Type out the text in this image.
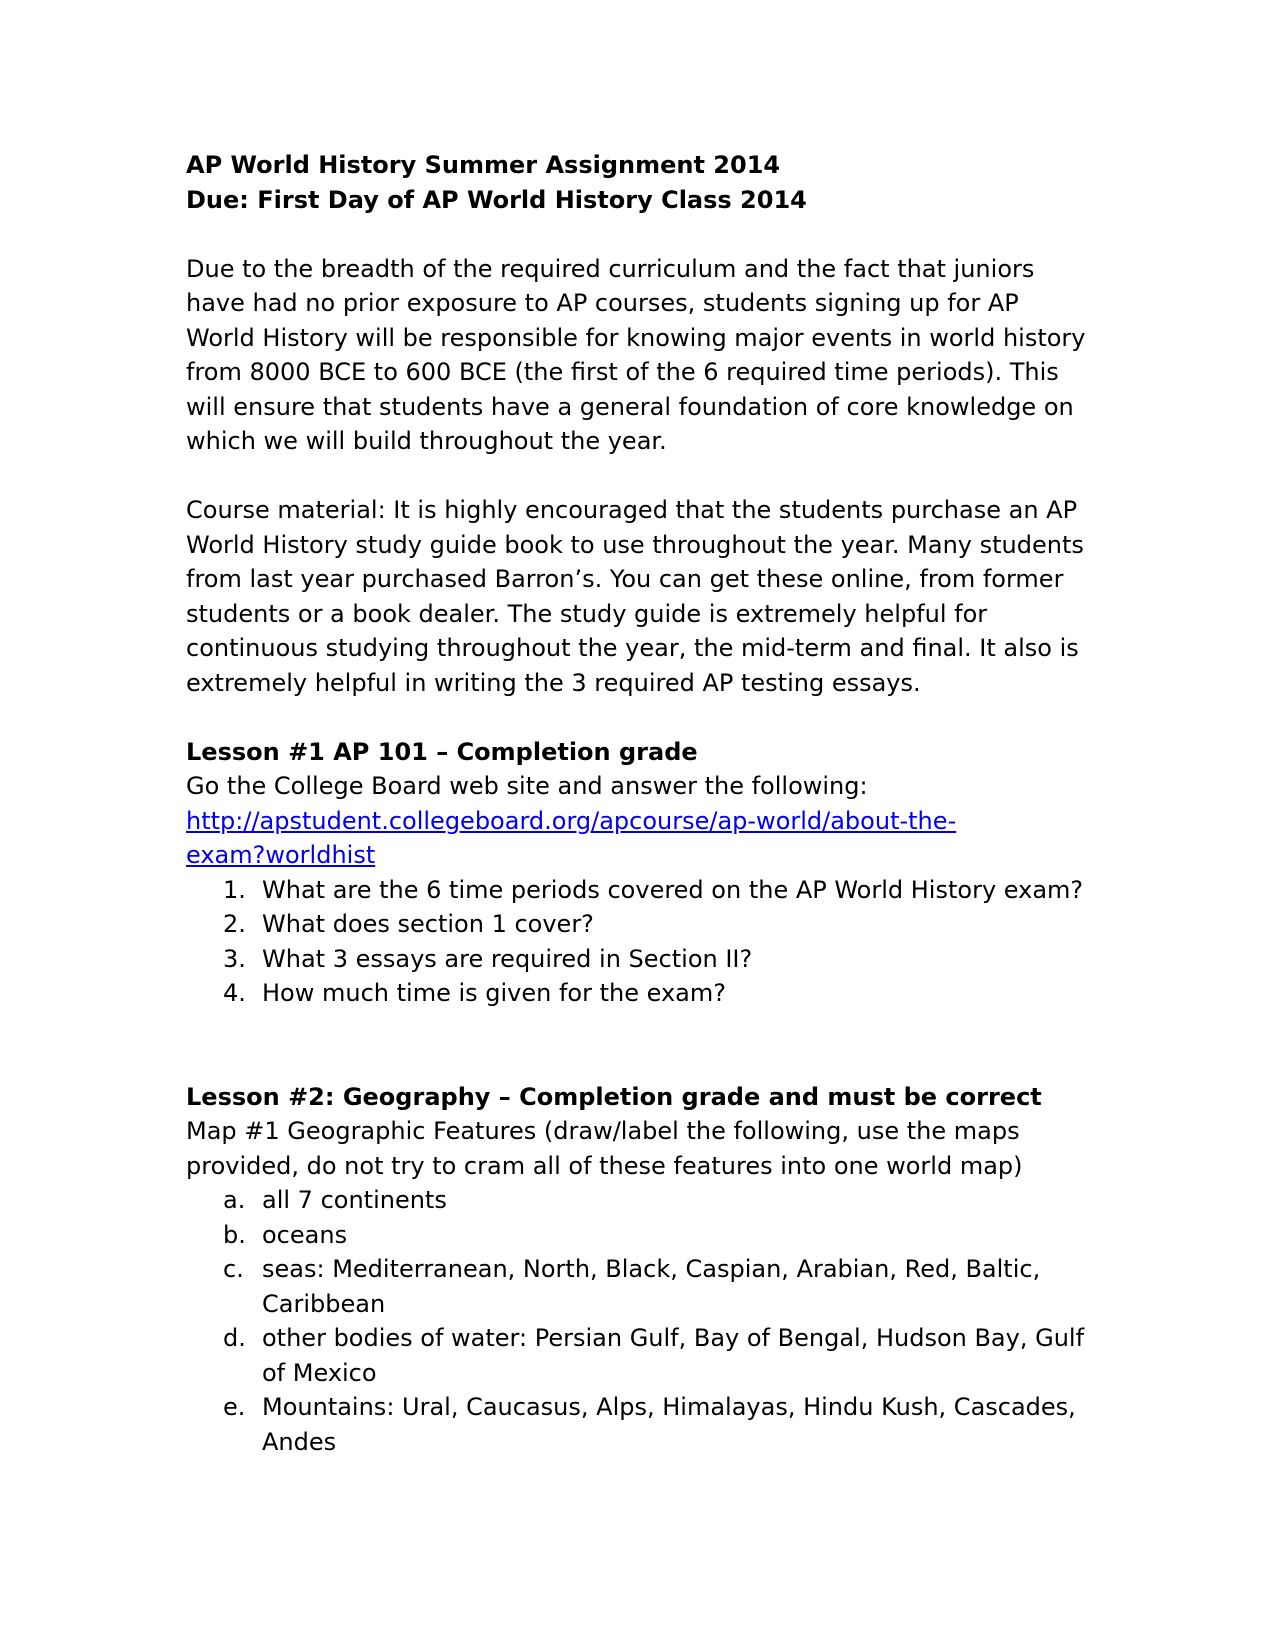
AP World History Summer Assignment 2014
Due: First Day of AP World History Class 2014

Due to the breadth of the required curriculum and the fact that juniors have had no prior exposure to AP courses, students signing up for AP World History will be responsible for knowing major events in world history from 8000 BCE to 600 BCE (the first of the 6 required time periods). This will ensure that students have a general foundation of core knowledge on which we will build throughout the year.

Course material: It is highly encouraged that the students purchase an AP World History study guide book to use throughout the year. Many students from last year purchased Barron’s. You can get these online, from former students or a book dealer. The study guide is extremely helpful for continuous studying throughout the year, the mid-term and final. It also is extremely helpful in writing the 3 required AP testing essays.

Lesson #1 AP 101 – Completion grade

Go the College Board web site and answer the following:

http://apstudent.collegeboard.org/apcourse/ap-world/about-the-
exam?worldhist
1. What are the 6 time periods covered on the AP World History exam?
2. What does section 1 cover?
3. What 3 essays are required in Section II?
4. How much time is given for the exam?
Lesson #2: Geography – Completion grade and must be correct

Map #1 Geographic Features (draw/label the following, use the maps provided, do not try to cram all of these features into one world map)

a. all 7 continents
b. oceans
c. seas: Mediterranean, North, Black, Caspian, Arabian, Red, Baltic, Caribbean
d. other bodies of water: Persian Gulf, Bay of Bengal, Hudson Bay, Gulf of Mexico
e. Mountains: Ural, Caucasus, Alps, Himalayas, Hindu Kush, Cascades, Andes
